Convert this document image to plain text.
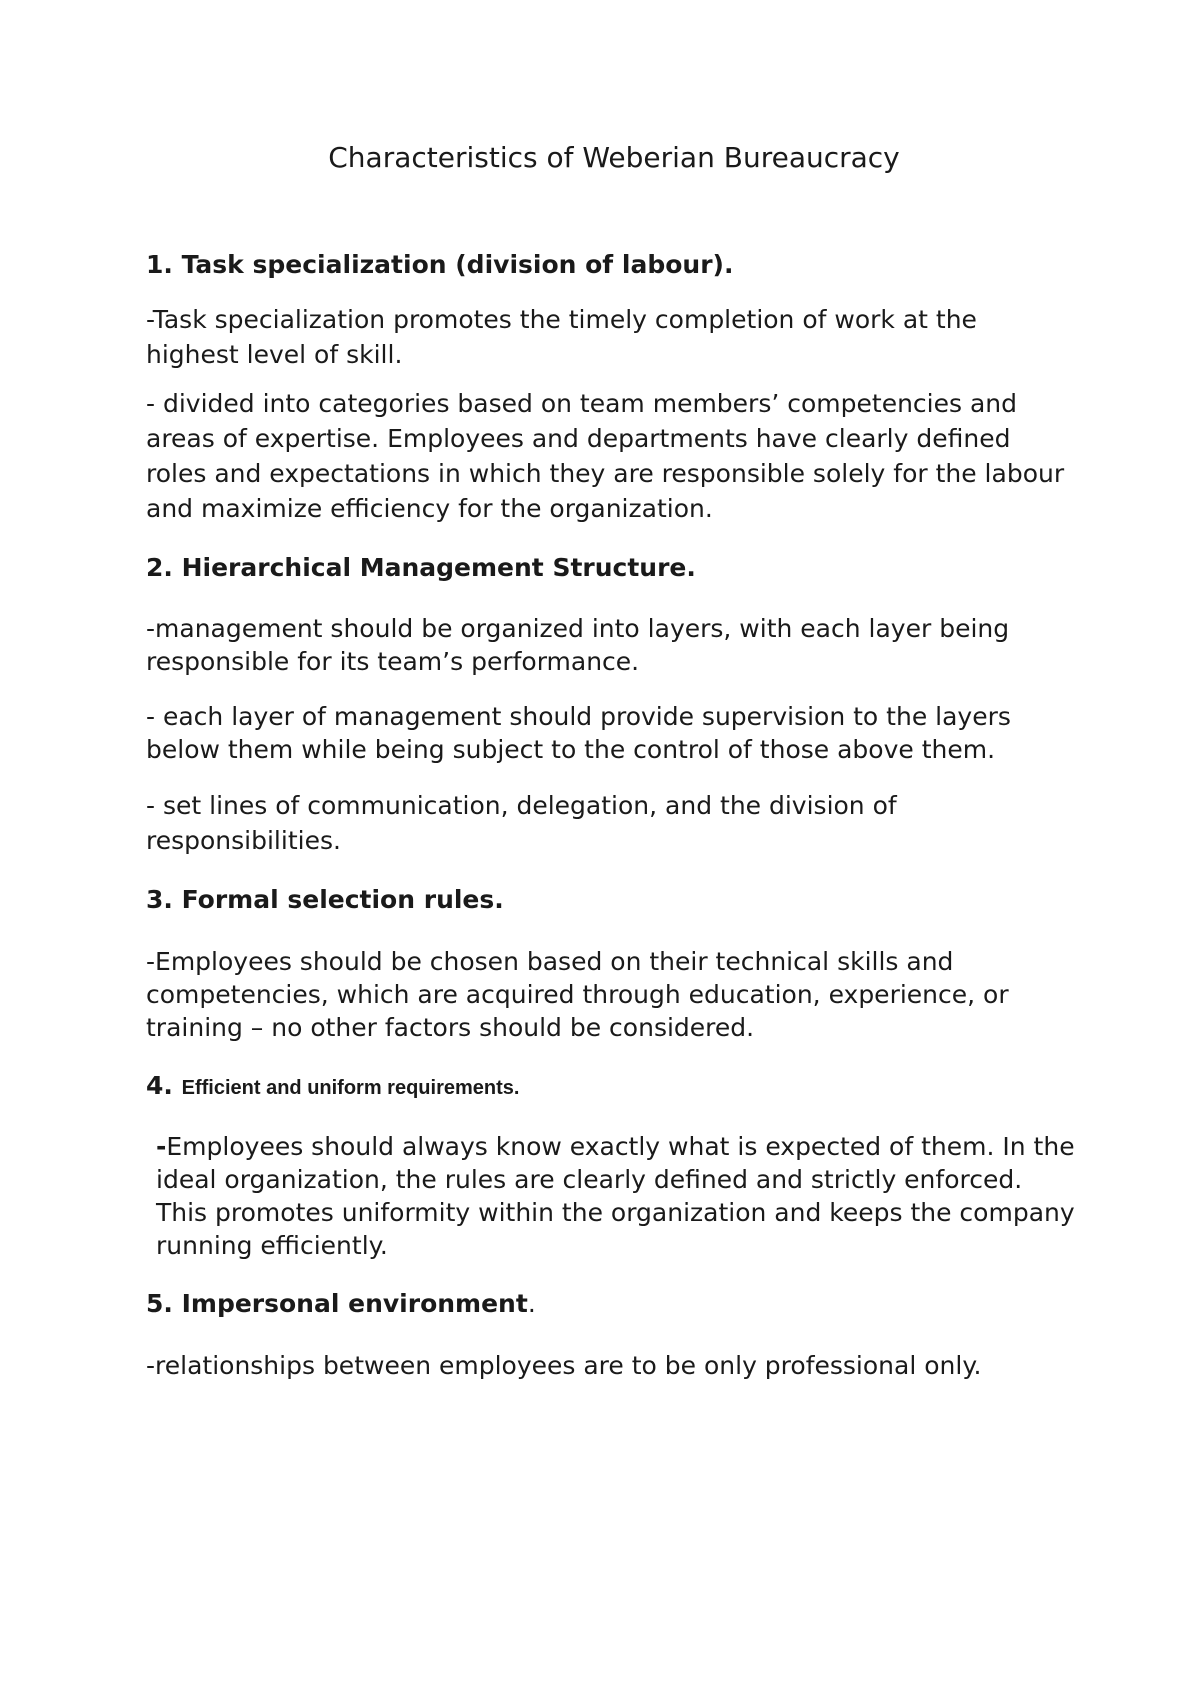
Characteristics of Weberian Bureaucracy
1. Task specialization (division of labour).

-Task specialization promotes the timely completion of work at the highest level of skill.

- divided into categories based on team members’ competencies and areas of expertise. Employees and departments have clearly defined roles and expectations in which they are responsible solely for the labour and maximize efficiency for the organization.

2. Hierarchical Management Structure.

-management should be organized into layers, with each layer being responsible for its team’s performance.

- each layer of management should provide supervision to the layers below them while being subject to the control of those above them.

- set lines of communication, delegation, and the division of responsibilities.

3. Formal selection rules.

-Employees should be chosen based on their technical skills and competencies, which are acquired through education, experience, or training – no other factors should be considered.

4. Efficient and uniform requirements.

-Employees should always know exactly what is expected of them. In the ideal organization, the rules are clearly defined and strictly enforced. This promotes uniformity within the organization and keeps the company running efficiently.

5. Impersonal environment.

-relationships between employees are to be only professional only.
